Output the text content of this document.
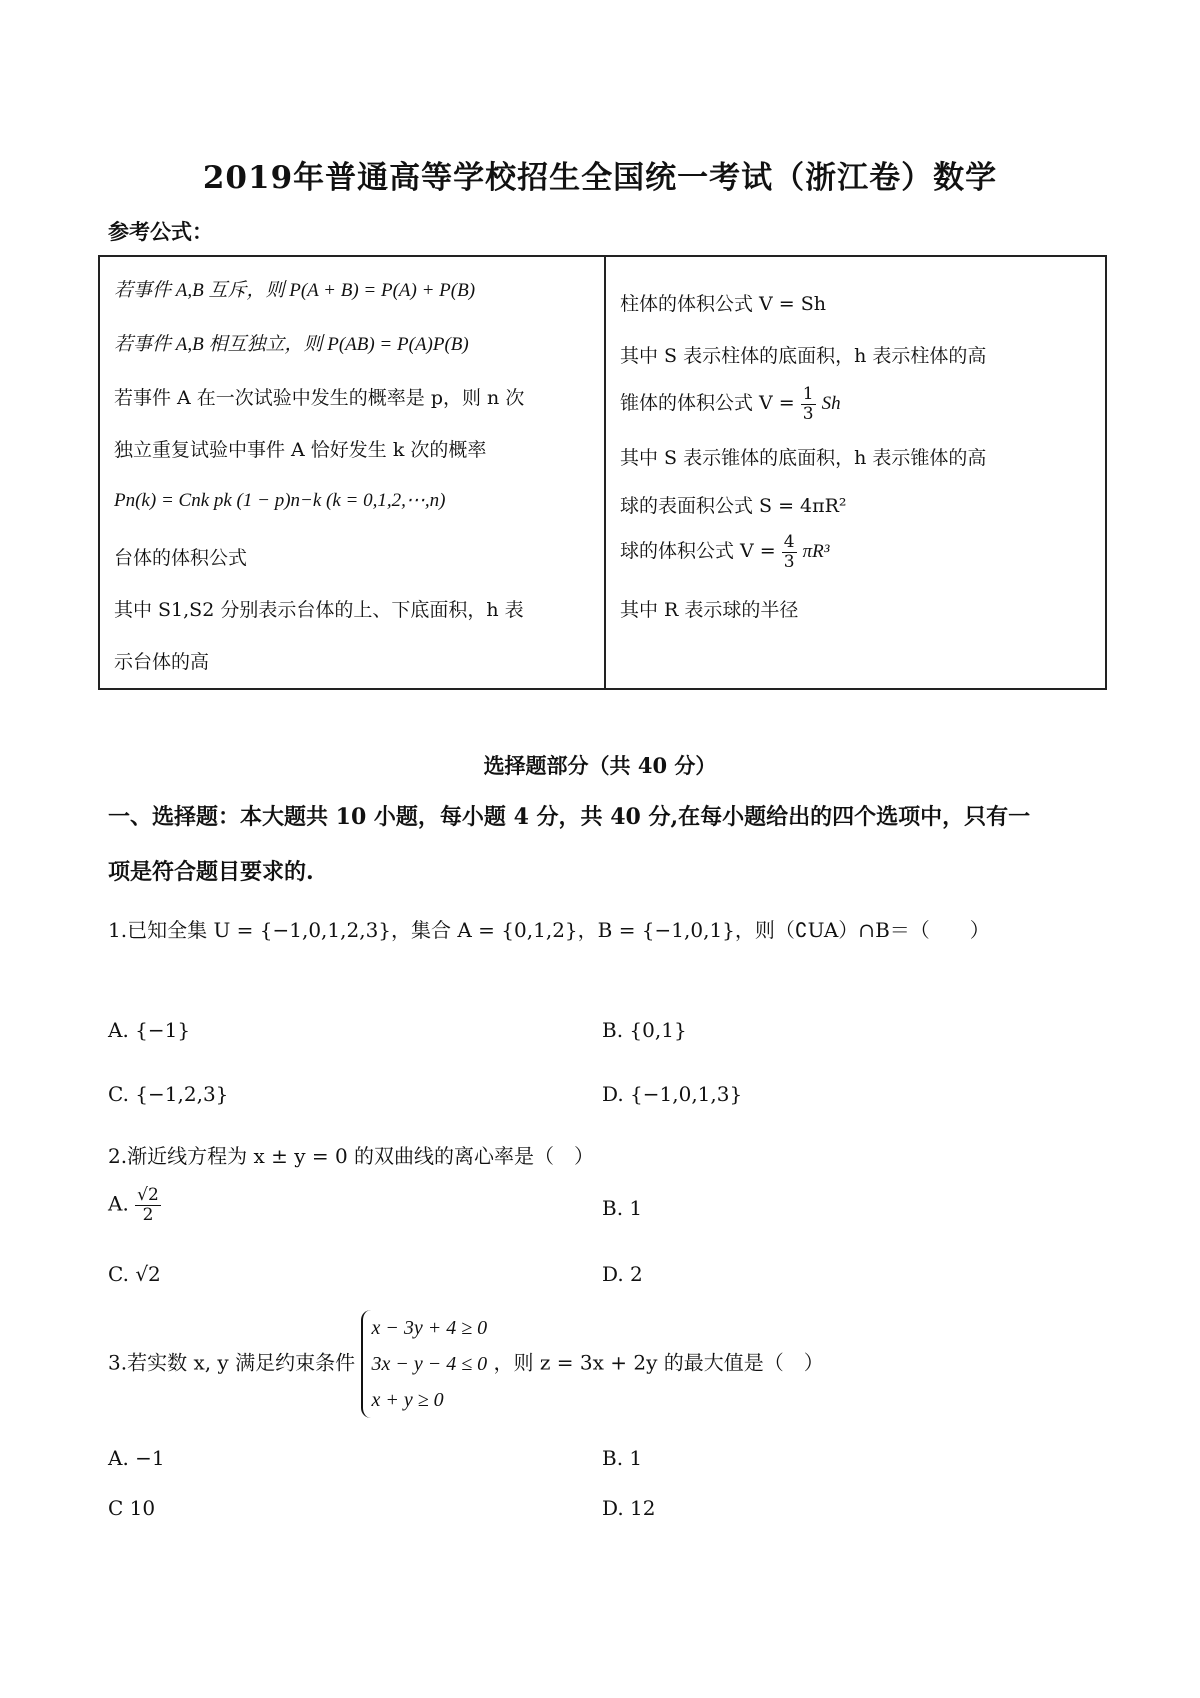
2019年普通高等学校招生全国统一考试（浙江卷）数学
参考公式：
若事件 A,B 互斥，则 P(A + B) = P(A) + P(B)
若事件 A,B 相互独立，则 P(AB) = P(A)P(B)
若事件 A 在一次试验中发生的概率是 p，则 n 次
独立重复试验中事件 A 恰好发生 k 次的概率
Pn(k) = Cnk pk (1 − p)n−k (k = 0,1,2,⋯,n)
台体的体积公式
其中 S1,S2 分别表示台体的上、下底面积，h 表
示台体的高
柱体的体积公式 V = Sh
其中 S 表示柱体的底面积，h 表示柱体的高
锥体的体积公式 $V = \frac{1}{3}$ Sh
其中 S 表示锥体的底面积，h 表示锥体的高
球的表面积公式 S = 4πR²
球的体积公式 $V = \frac{4}{3} \pi R^3$
其中 R 表示球的半径
选择题部分（共 40 分）
一、选择题：本大题共 10 小题，每小题 4 分，共 40 分,在每小题给出的四个选项中，只有一
项是符合题目要求的.
1.已知全集 U = {−1,0,1,2,3}，集合 A = {0,1,2}，B = {−1,0,1}，则（∁UA）∩B＝（　　）
A. {−1}	B. {0,1}
C. {−1,2,3}	D. {−1,0,1,3}
2.渐近线方程为 x ± y = 0 的双曲线的离心率是（　）
A. $\frac{√2}{2}$	B. 1
C. √2	D. 2
3.若实数 x, y 满足约束条件
x − 3y + 4 ≥ 0
3x − y − 4 ≤ 0
x + y ≥ 0
，则 z = 3x + 2y 的最大值是（　）
A. −1	B. 1
C 10	D. 12
